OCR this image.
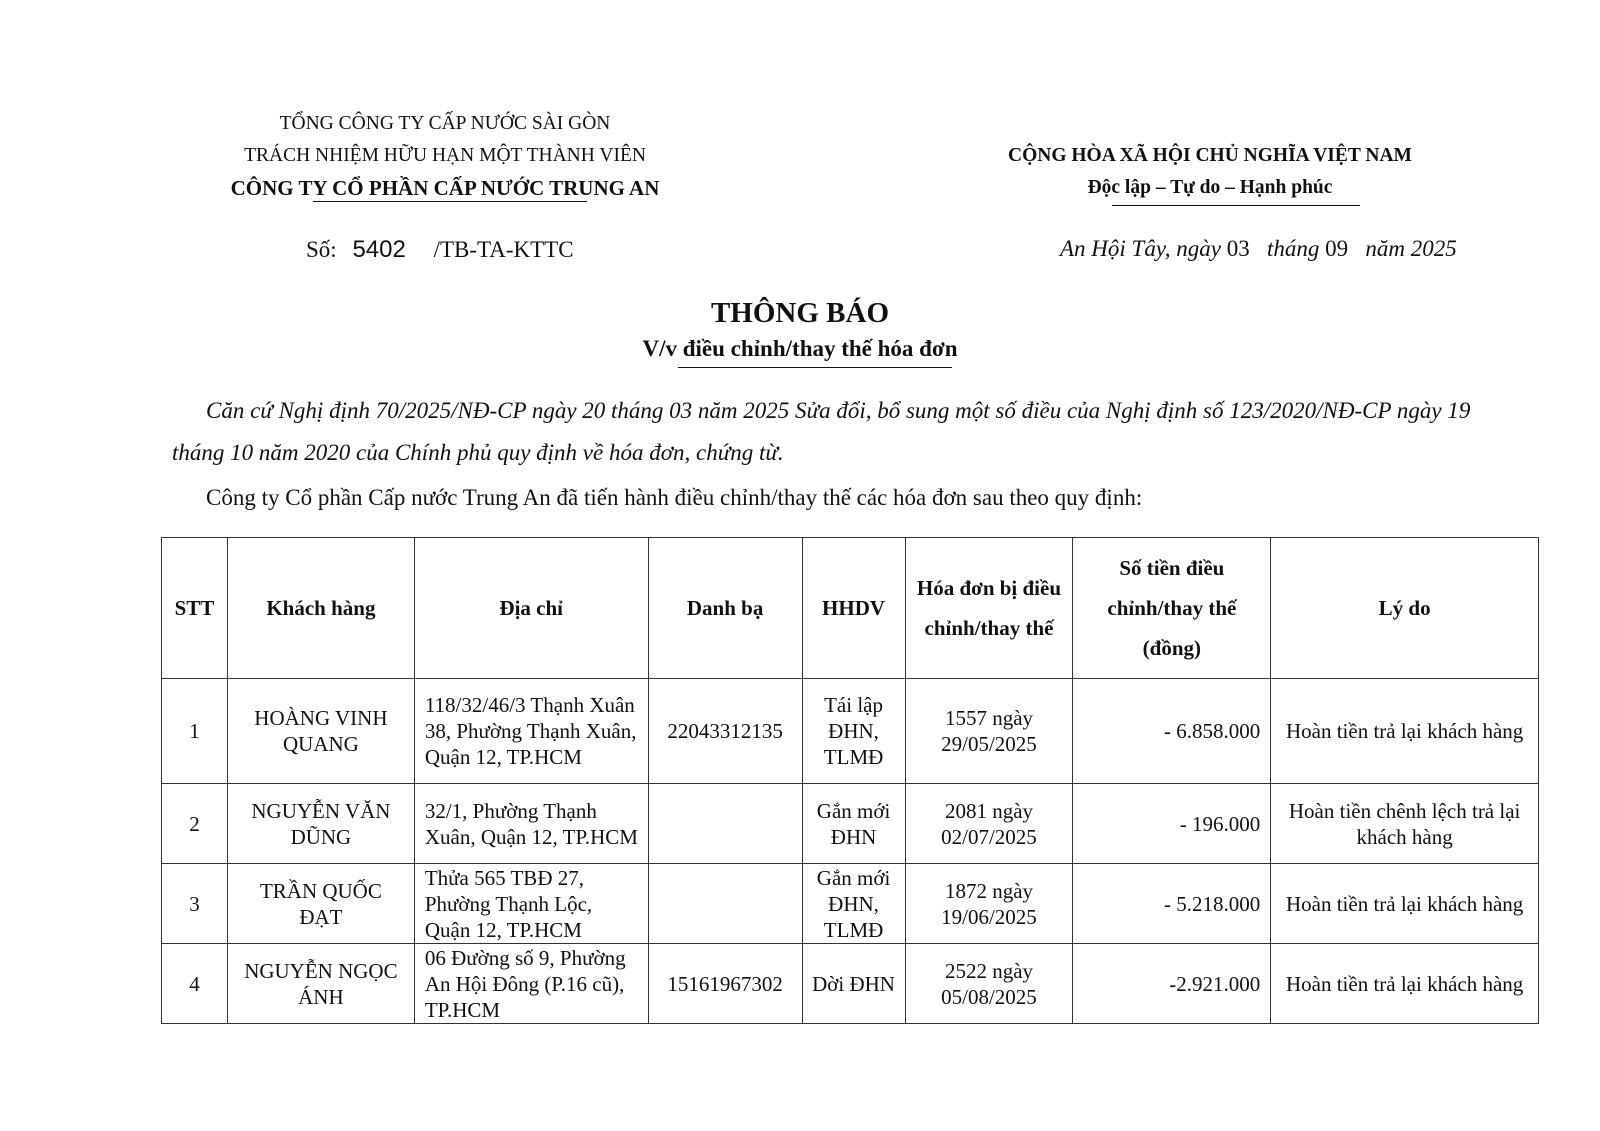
TỔNG CÔNG TY CẤP NƯỚC SÀI GÒN
TRÁCH NHIỆM HỮU HẠN MỘT THÀNH VIÊN
CÔNG TY CỔ PHẦN CẤP NƯỚC TRUNG AN
CỘNG HÒA XÃ HỘI CHỦ NGHĨA VIỆT NAM
Độc lập – Tự do – Hạnh phúc
Số: 5402 /TB-TA-KTTC	An Hội Tây, ngày 03 tháng 09 năm 2025
THÔNG BÁO
V/v điều chỉnh/thay thế hóa đơn
Căn cứ Nghị định 70/2025/NĐ-CP ngày 20 tháng 03 năm 2025 Sửa đổi, bổ sung một số điều của Nghị định số 123/2020/NĐ-CP ngày 19 tháng 10 năm 2020 của Chính phủ quy định về hóa đơn, chứng từ.
Công ty Cổ phần Cấp nước Trung An đã tiến hành điều chỉnh/thay thế các hóa đơn sau theo quy định:
STT	Khách hàng	Địa chỉ	Danh bạ	HHDV	Hóa đơn bị điều chỉnh/thay thế	Số tiền điều chỉnh/thay thế (đồng)	Lý do
1	HOÀNG VINH QUANG	118/32/46/3 Thạnh Xuân 38, Phường Thạnh Xuân, Quận 12, TP.HCM	22043312135	Tái lập ĐHN, TLMĐ	1557 ngày 29/05/2025	- 6.858.000	Hoàn tiền trả lại khách hàng
2	NGUYỄN VĂN DŨNG	32/1, Phường Thạnh Xuân, Quận 12, TP.HCM		Gắn mới ĐHN	2081 ngày 02/07/2025	- 196.000	Hoàn tiền chênh lệch trả lại khách hàng
3	TRẦN QUỐC ĐẠT	Thửa 565 TBĐ 27, Phường Thạnh Lộc, Quận 12, TP.HCM		Gắn mới ĐHN, TLMĐ	1872 ngày 19/06/2025	- 5.218.000	Hoàn tiền trả lại khách hàng
4	NGUYỄN NGỌC ÁNH	06 Đường số 9, Phường An Hội Đông (P.16 cũ), TP.HCM	15161967302	Dời ĐHN	2522 ngày 05/08/2025	-2.921.000	Hoàn tiền trả lại khách hàng
